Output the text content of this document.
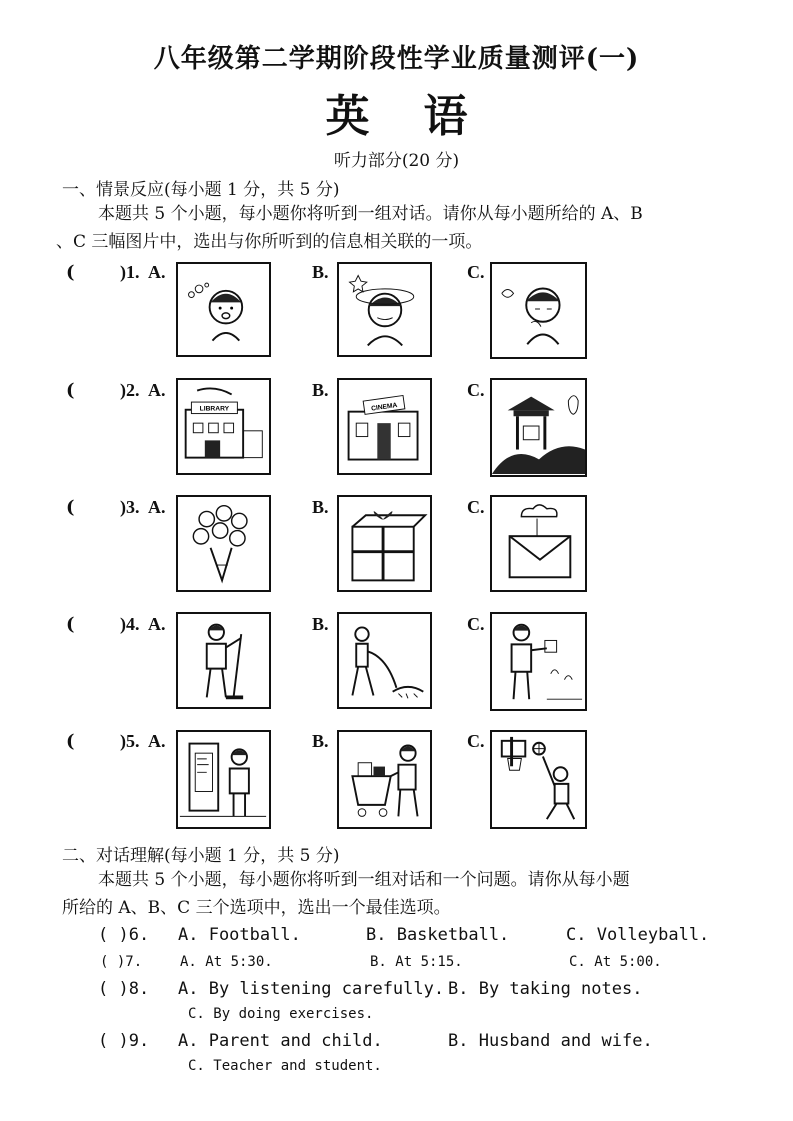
八年级第二学期阶段性学业质量测评(一)
英语
听力部分(20 分)
一、情景反应(每小题 1 分，共 5 分)
本题共 5 个小题，每小题你将听到一组对话。请你从每小题所给的 A、B
、C 三幅图片中，选出与你所听到的信息相关联的一项。
(	)1. A.	B.	C.
(	)2. A.	B.	C.
LIBRARY	CINEMA
(	)3. A.	B.	C.
(	)4. A.	B.	C.
(	)5. A.	B.	C.
二、对话理解(每小题 1 分，共 5 分)
本题共 5 个小题，每小题你将听到一组对话和一个问题。请你从每小题
所给的 A、B、C 三个选项中，选出一个最佳选项。
( )6. A. Football.	B. Basketball.	C. Volleyball.
( )7.	A. At 5:30.	B. At 5:15.	C. At 5:00.
( )8. A. By listening carefully. B. By taking notes.
C. By doing exercises.
( )9. A. Parent and child.	B. Husband and wife.
C. Teacher and student.
